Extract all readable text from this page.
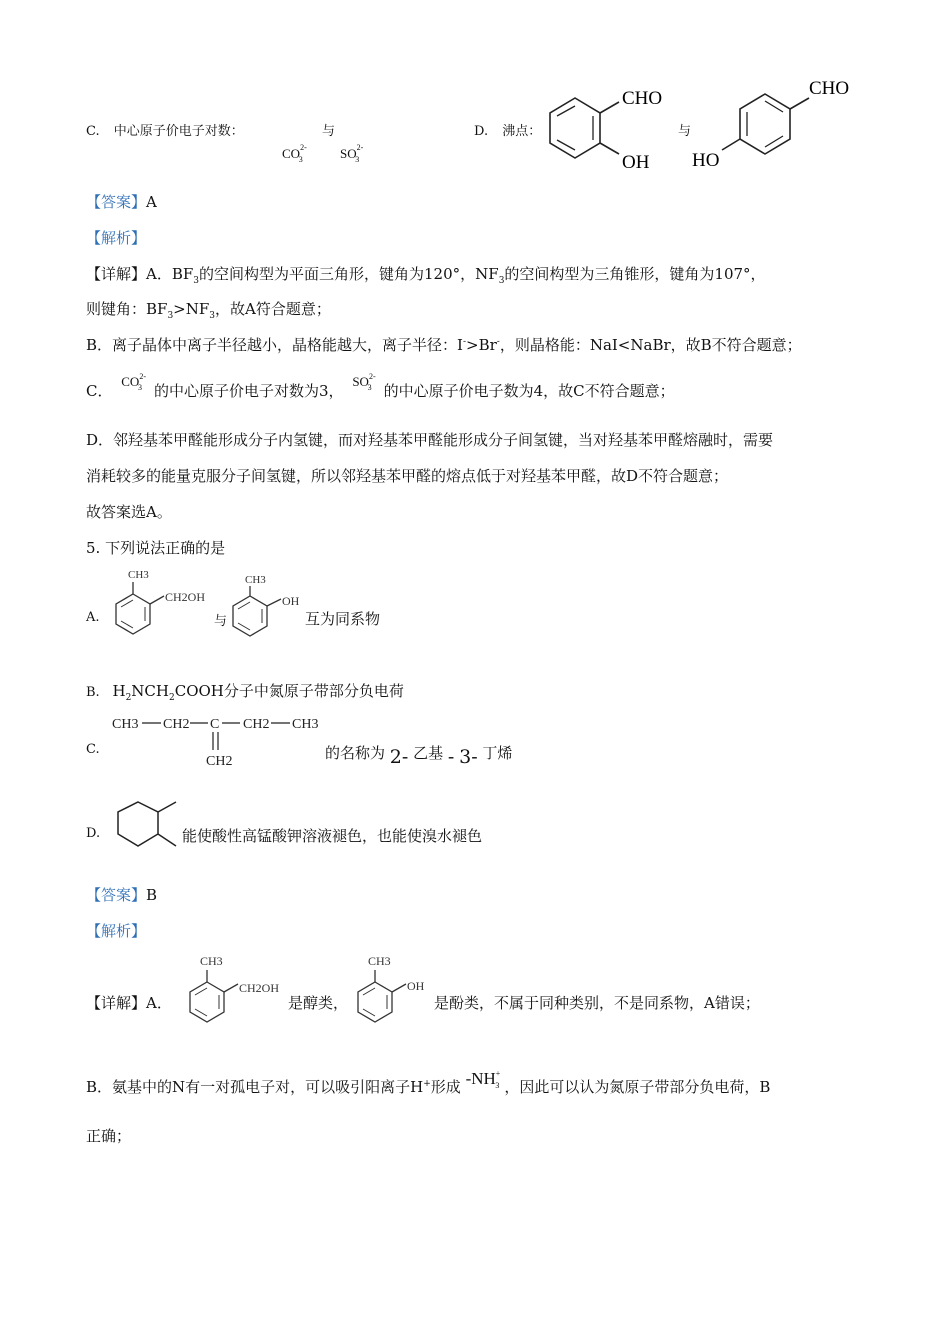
C. 中心原子价电子对数：	与
$CO^{2-}_3$	$SO^{2-}_3$
D. 沸点：
CHO
OH
与
CHO
HO
【答案】A
【解析】
【详解】A．$BF_3$的空间构型为平面三角形，键角为120°，$NF_3$的空间构型为三角锥形，键角为107°，
则键角：$BF_3>NF_3$，故A符合题意；
B．离子晶体中离子半径越小，晶格能越大，离子半径：I->Br-，则晶格能：NaI<NaBr，故B不符合题意；
C． $CO^{2-}_3$ 的中心原子价电子对数为3， $SO^{2-}_3$ 的中心原子价电子数为4，故C不符合题意；
D．邻羟基苯甲醛能形成分子内氢键，而对羟基苯甲醛能形成分子间氢键，当对羟基苯甲醛熔融时，需要
消耗较多的能量克服分子间氢键，所以邻羟基苯甲醛的熔点低于对羟基苯甲醛，故D不符合题意；
故答案选A。
5. 下列说法正确的是
A.
CH3
CH2OH
与
CH3
OH
互为同系物
B. $H_2NCH_2COOH$分子中氮原子带部分负电荷
C.
CH3 CH2 C CH2 CH3
CH2	的名称为 2- 乙基 - 3- 丁烯
D.	能使酸性高锰酸钾溶液褪色，也能使溴水褪色
【答案】B
【解析】
【详解】A．
CH3
CH2OH
是醇类，
CH3
OH
是酚类，不属于同种类别，不是同系物，A错误；
B．氨基中的N有一对孤电子对，可以吸引阳离子H+形成 $-NH^+_3$ ，因此可以认为氮原子带部分负电荷，B
正确；
